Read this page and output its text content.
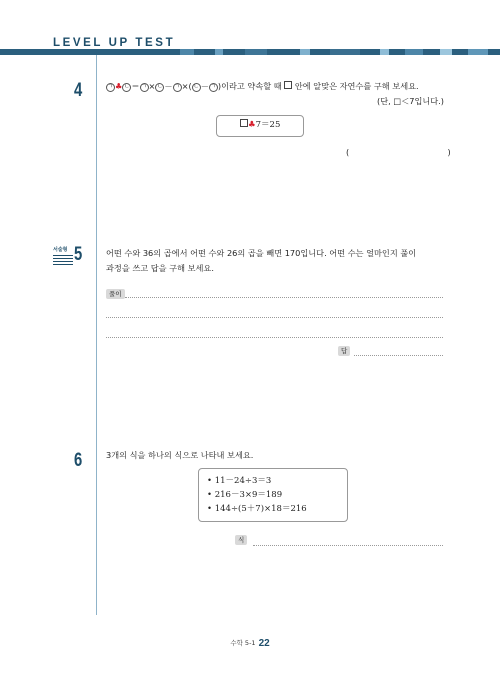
LEVEL UP TEST
4	ㄱ ♣ ㄴ ＝ ㄱ × ㄴ － ㄱ ×( ㄴ － ㄱ )이라고 약속할 때  안에 알맞은 자연수를 구해 보세요.
(단, □＜7입니다.)
♣7＝25
(　　　　　　　　　　　　)
서술형 5	어떤 수와 36의 곱에서 어떤 수와 26의 곱을 빼면 170입니다. 어떤 수는 얼마인지 풀이
과정을 쓰고 답을 구해 보세요.
풀이
답
6	3개의 식을 하나의 식으로 나타내 보세요.
• 11－24÷3＝3
• 216－3×9＝189
• 144÷(5＋7)×18＝216
식
수학 5-1 22
